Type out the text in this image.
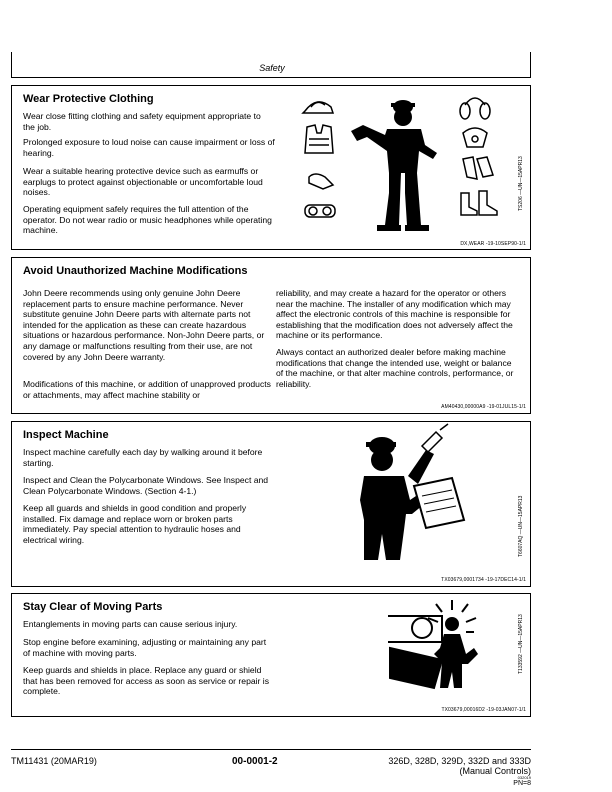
Safety
Wear Protective Clothing
Wear close fitting clothing and safety equipment appropriate to the job.
Prolonged exposure to loud noise can cause impairment or loss of hearing.
Wear a suitable hearing protective device such as earmuffs or earplugs to protect against objectionable or uncomfortable loud noises.
Operating equipment safely requires the full attention of the operator. Do not wear radio or music headphones while operating machine.
TS206 —UN—15APR13
DX,WEAR -19-10SEP90-1/1
Avoid Unauthorized Machine Modifications
John Deere recommends using only genuine John Deere replacement parts to ensure machine performance. Never substitute genuine John Deere parts with alternate parts not intended for the application as these can create hazardous situations or hazardous performance. Non-John Deere parts, or any damage or malfunctions resulting from their use, are not covered by any John Deere warranty.
Modifications of this machine, or addition of unapproved products or attachments, may affect machine stability or
reliability, and may create a hazard for the operator or others near the machine. The installer of any modification which may affect the electronic controls of this machine is responsible for establishing that the modification does not adversely affect the machine or its performance.
Always contact an authorized dealer before making machine modifications that change the intended use, weight or balance of the machine, or that alter machine controls, performance, or reliability.
AM40430,00000A9 -19-01JUL15-1/1
Inspect Machine
Inspect machine carefully each day by walking around it before starting.
Inspect and Clean the Polycarbonate Windows. See Inspect and Clean Polycarbonate Windows. (Section 4-1.)
Keep all guards and shields in good condition and properly installed. Fix damage and replace worn or broken parts immediately. Pay special attention to hydraulic hoses and electrical wiring.	T6607AQ —UN—15APR13
TX03679,0001734 -19-17DEC14-1/1
Stay Clear of Moving Parts
Entanglements in moving parts can cause serious injury.
Stop engine before examining, adjusting or maintaining any part of machine with moving parts.
Keep guards and shields in place. Replace any guard or shield that has been removed for access as soon as service or repair is complete.
T133592 —UN—15APR13
TX03679,00016D2 -19-03JAN07-1/1
TM11431 (20MAR19)	00-0001-2	326D, 328D, 329D, 332D and 333D
(Manual Controls)
032019
PN=8
